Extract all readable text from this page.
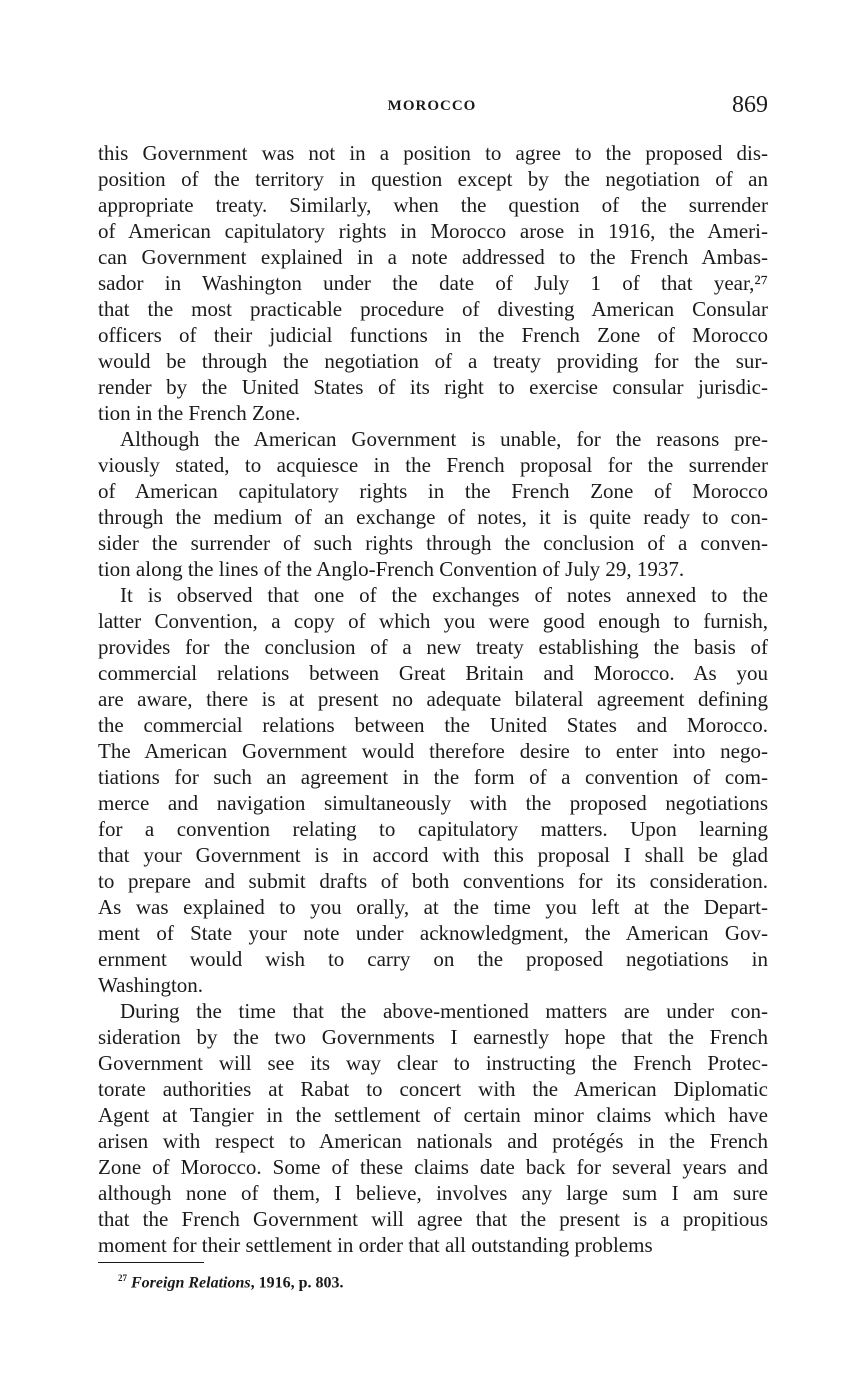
MOROCCO	869
this Government was not in a position to agree to the proposed dis-
position of the territory in question except by the negotiation of an
appropriate treaty. Similarly, when the question of the surrender
of American capitulatory rights in Morocco arose in 1916, the Ameri-
can Government explained in a note addressed to the French Ambas-
sador in Washington under the date of July 1 of that year,²⁷
that the most practicable procedure of divesting American Consular
officers of their judicial functions in the French Zone of Morocco
would be through the negotiation of a treaty providing for the sur-
render by the United States of its right to exercise consular jurisdic-
tion in the French Zone.
Although the American Government is unable, for the reasons pre-
viously stated, to acquiesce in the French proposal for the surrender
of American capitulatory rights in the French Zone of Morocco
through the medium of an exchange of notes, it is quite ready to con-
sider the surrender of such rights through the conclusion of a conven-
tion along the lines of the Anglo-French Convention of July 29, 1937.
It is observed that one of the exchanges of notes annexed to the
latter Convention, a copy of which you were good enough to furnish,
provides for the conclusion of a new treaty establishing the basis of
commercial relations between Great Britain and Morocco. As you
are aware, there is at present no adequate bilateral agreement defining
the commercial relations between the United States and Morocco.
The American Government would therefore desire to enter into nego-
tiations for such an agreement in the form of a convention of com-
merce and navigation simultaneously with the proposed negotiations
for a convention relating to capitulatory matters. Upon learning
that your Government is in accord with this proposal I shall be glad
to prepare and submit drafts of both conventions for its consideration.
As was explained to you orally, at the time you left at the Depart-
ment of State your note under acknowledgment, the American Gov-
ernment would wish to carry on the proposed negotiations in
Washington.
During the time that the above-mentioned matters are under con-
sideration by the two Governments I earnestly hope that the French
Government will see its way clear to instructing the French Protec-
torate authorities at Rabat to concert with the American Diplomatic
Agent at Tangier in the settlement of certain minor claims which have
arisen with respect to American nationals and protégés in the French
Zone of Morocco. Some of these claims date back for several years and
although none of them, I believe, involves any large sum I am sure
that the French Government will agree that the present is a propitious
moment for their settlement in order that all outstanding problems
$^{27}$ Foreign Relations, 1916, p. 803.
